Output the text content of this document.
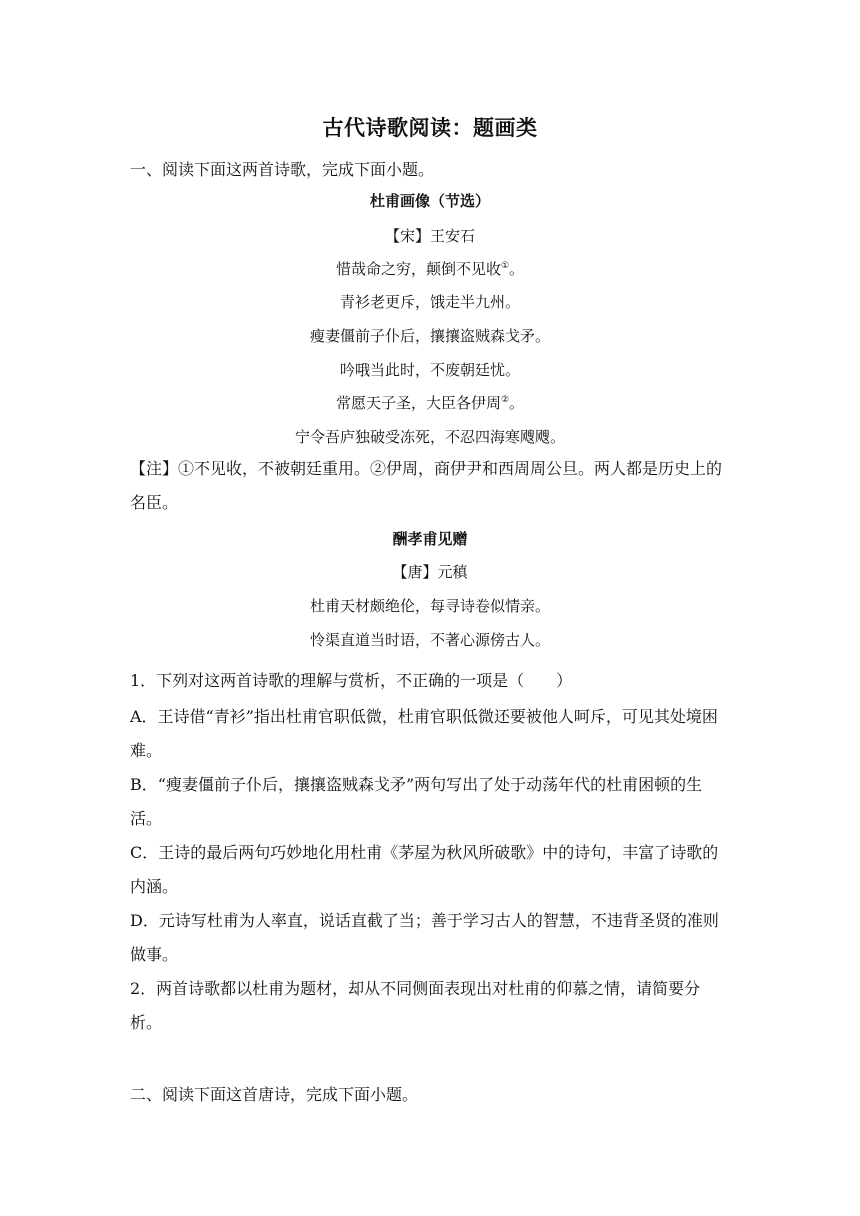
古代诗歌阅读：题画类
一、阅读下面这两首诗歌，完成下面小题。
杜甫画像（节选）
【宋】王安石
惜哉命之穷，颠倒不见收①。
青衫老更斥，饿走半九州。
瘦妻僵前子仆后，攘攘盗贼森戈矛。
吟哦当此时，不废朝廷忧。
常愿天子圣，大臣各伊周②。
宁令吾庐独破受冻死，不忍四海寒飕飕。
【注】①不见收，不被朝廷重用。②伊周，商伊尹和西周周公旦。两人都是历史上的名臣。
酬孝甫见赠
【唐】元稹
杜甫天材颇绝伦，每寻诗卷似情亲。
怜渠直道当时语，不著心源傍古人。
1．下列对这两首诗歌的理解与赏析，不正确的一项是（　　）
A．王诗借“青衫”指出杜甫官职低微，杜甫官职低微还要被他人呵斥，可见其处境困难。
B．“瘦妻僵前子仆后，攘攘盗贼森戈矛”两句写出了处于动荡年代的杜甫困顿的生活。
C．王诗的最后两句巧妙地化用杜甫《茅屋为秋风所破歌》中的诗句，丰富了诗歌的内涵。
D．元诗写杜甫为人率直，说话直截了当；善于学习古人的智慧，不违背圣贤的准则做事。
2．两首诗歌都以杜甫为题材，却从不同侧面表现出对杜甫的仰慕之情，请简要分析。
二、阅读下面这首唐诗，完成下面小题。
